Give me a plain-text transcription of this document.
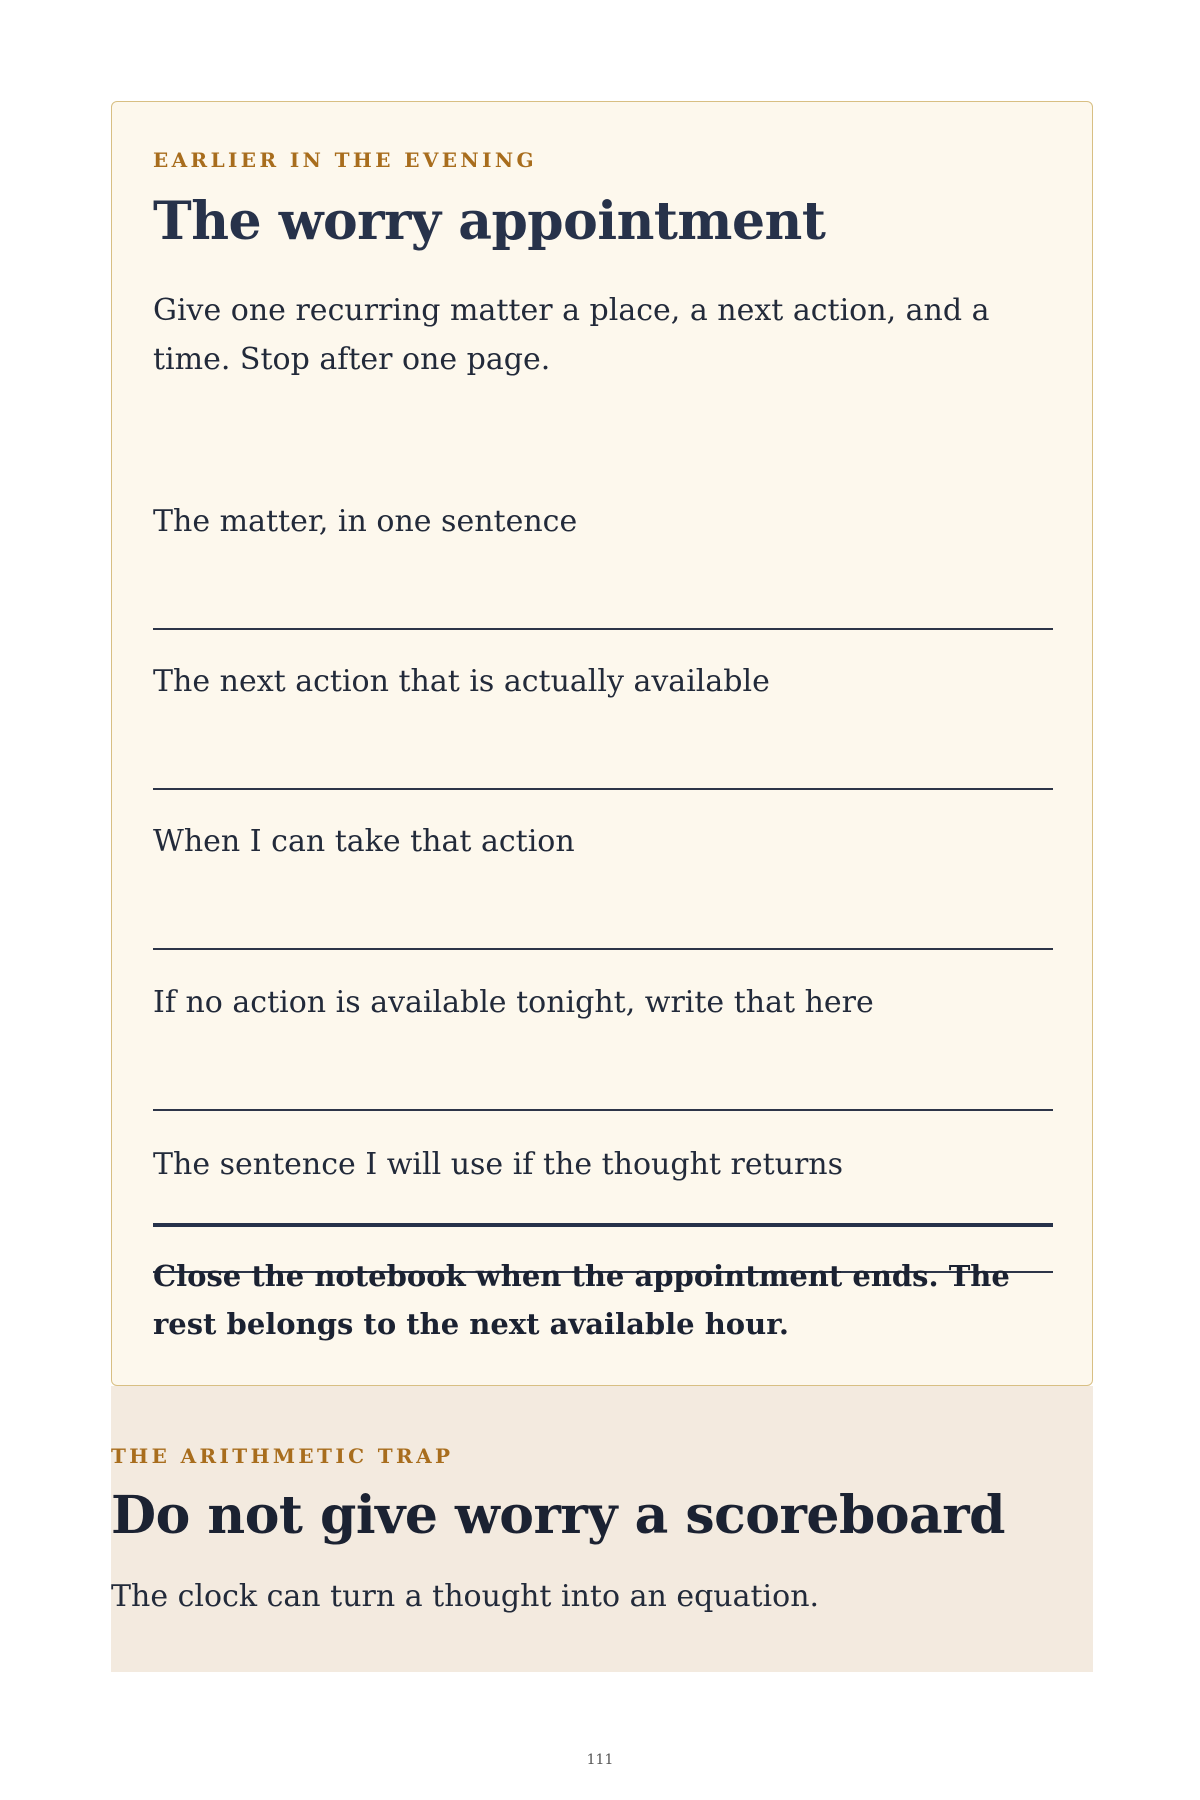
EARLIER IN THE EVENING
The worry appointment

Give one recurring matter a place, a next action, and a time. Stop after one page.

The matter, in one sentence

The next action that is actually available

When I can take that action

If no action is available tonight, write that here

The sentence I will use if the thought returns

Close the notebook when the appointment ends. The rest belongs to the next available hour.

THE ARITHMETIC TRAP
Do not give worry a scoreboard

The clock can turn a thought into an equation.

111
